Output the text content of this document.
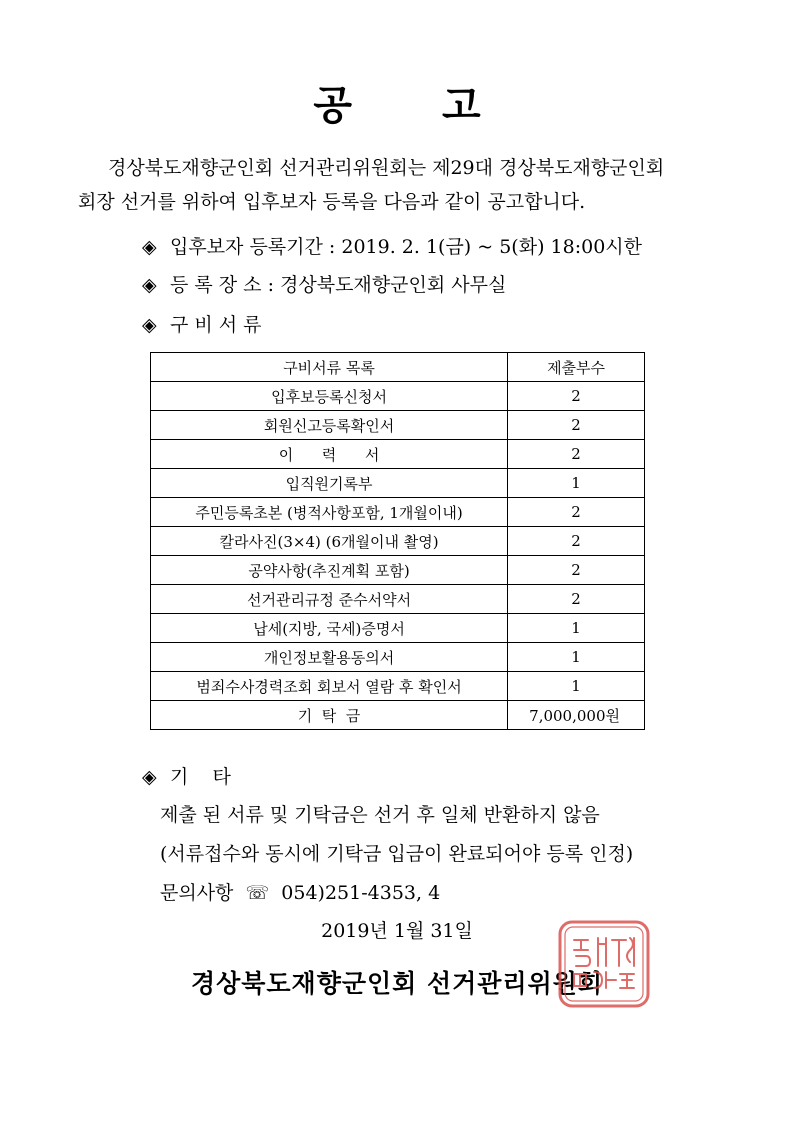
공 고
경상북도재향군인회 선거관리위원회는 제29대 경상북도재향군인회
회장 선거를 위하여 입후보자 등록을 다음과 같이 공고합니다.
◈ 입후보자 등록기간 : 2019. 2. 1(금) ~ 5(화) 18:00시한
◈ 등 록 장 소 : 경상북도재향군인회 사무실
◈ 구 비 서 류
구비서류 목록	제출부수
입후보등록신청서	2
회원신고등록확인서	2
이      력      서	2
입직원기록부	1
주민등록초본 (병적사항포함, 1개월이내)	2
칼라사진(3×4) (6개월이내 촬영)	2
공약사항(추진계획 포함)	2
선거관리규정 준수서약서	2
납세(지방, 국세)증명서	1
개인정보활용동의서	1
범죄수사경력조회 회보서 열람 후 확인서	1
기  탁  금	7,000,000원
◈ 기    타
제출 된 서류 및 기탁금은 선거 후 일체 반환하지 않음
(서류접수와 동시에 기탁금 입금이 완료되어야 등록 인정)
문의사항 ☏ 054)251-4353, 4
2019년 1월 31일
경상북도재향군인회 선거관리위원회
